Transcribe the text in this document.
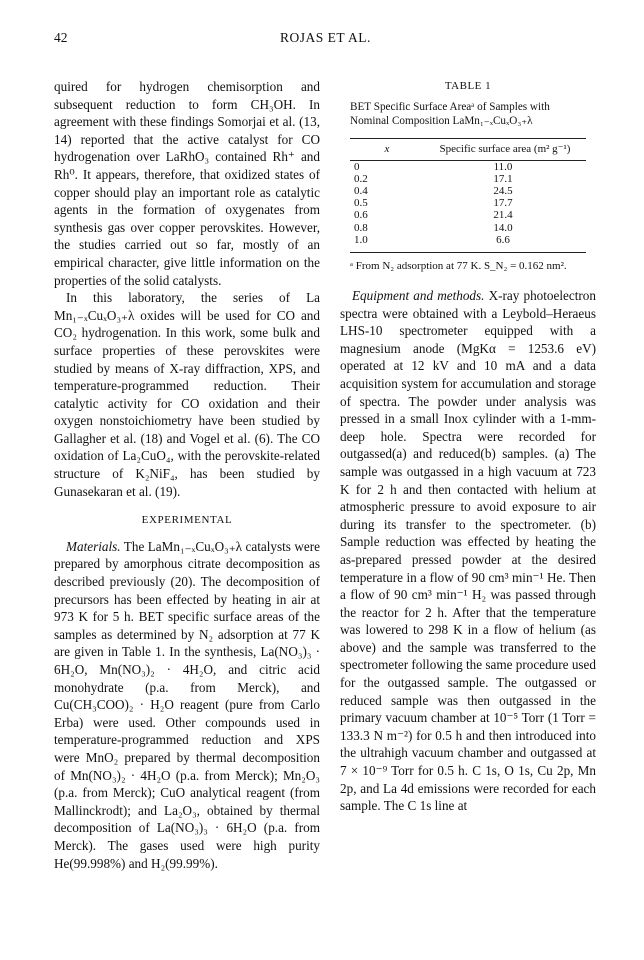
42	ROJAS ET AL.

quired for hydrogen chemisorption and subsequent reduction to form CH₃OH. In agreement with these findings Somorjai et al. (13, 14) reported that the active catalyst for CO hydrogenation over LaRhO₃ contained Rh⁺ and Rh⁰. It appears, therefore, that oxidized states of copper should play an important role as catalytic agents in the formation of oxygenates from synthesis gas over copper perovskites. However, the studies carried out so far, mostly of an empirical character, give little information on the properties of the solid catalysts.

In this laboratory, the series of La Mn₁₋ₓCuₓO₃₊λ oxides will be used for CO and CO₂ hydrogenation. In this work, some bulk and surface properties of these perovskites were studied by means of X-ray diffraction, XPS, and temperature-programmed reduction. Their catalytic activity for CO oxidation and their oxygen nonstoichiometry have been studied by Gallagher et al. (18) and Vogel et al. (6). The CO oxidation of La₂CuO₄, with the perovskite-related structure of K₂NiF₄, has been studied by Gunasekaran et al. (19).

EXPERIMENTAL

Materials. The LaMn₁₋ₓCuₓO₃₊λ catalysts were prepared by amorphous citrate decomposition as described previously (20). The decomposition of precursors has been effected by heating in air at 973 K for 5 h. BET specific surface areas of the samples as determined by N₂ adsorption at 77 K are given in Table 1. In the synthesis, La(NO₃)₃ · 6H₂O, Mn(NO₃)₂ · 4H₂O, and citric acid monohydrate (p.a. from Merck), and Cu(CH₃COO)₂ · H₂O reagent (pure from Carlo Erba) were used. Other compounds used in temperature-programmed reduction and XPS were MnO₂ prepared by thermal decomposition of Mn(NO₃)₂ · 4H₂O (p.a. from Merck); Mn₂O₃ (p.a. from Merck); CuO analytical reagent (from Mallinckrodt); and La₂O₃, obtained by thermal decomposition of La(NO₃)₃ · 6H₂O (p.a. from Merck). The gases used were high purity He(99.998%) and H₂(99.99%).

TABLE 1
BET Specific Surface Areaᵃ of Samples with Nominal Composition LaMn₁₋ₓCuₓO₃₊λ
x	Specific surface area (m² g⁻¹)
0	11.0
0.2	17.1
0.4	24.5
0.5	17.7
0.6	21.4
0.8	14.0
1.0	6.6
ᵃ From N₂ adsorption at 77 K. S_N₂ = 0.162 nm².

Equipment and methods. X-ray photoelectron spectra were obtained with a Leybold–Heraeus LHS-10 spectrometer equipped with a magnesium anode (MgKα = 1253.6 eV) operated at 12 kV and 10 mA and a data acquisition system for accumulation and storage of spectra. The powder under analysis was pressed in a small Inox cylinder with a 1-mm-deep hole. Spectra were recorded for outgassed(a) and reduced(b) samples. (a) The sample was outgassed in a high vacuum at 723 K for 2 h and then contacted with helium at atmospheric pressure to avoid exposure to air during its transfer to the spectrometer. (b) Sample reduction was effected by heating the as-prepared pressed powder at the desired temperature in a flow of 90 cm³ min⁻¹ He. Then a flow of 90 cm³ min⁻¹ H₂ was passed through the reactor for 2 h. After that the temperature was lowered to 298 K in a flow of helium (as above) and the sample was transferred to the spectrometer following the same procedure used for the outgassed sample. The outgassed or reduced sample was then outgassed in the primary vacuum chamber at 10⁻⁵ Torr (1 Torr = 133.3 N m⁻²) for 0.5 h and then introduced into the ultrahigh vacuum chamber and outgassed at 7 × 10⁻⁹ Torr for 0.5 h. C 1s, O 1s, Cu 2p, Mn 2p, and La 4d emissions were recorded for each sample. The C 1s line at
